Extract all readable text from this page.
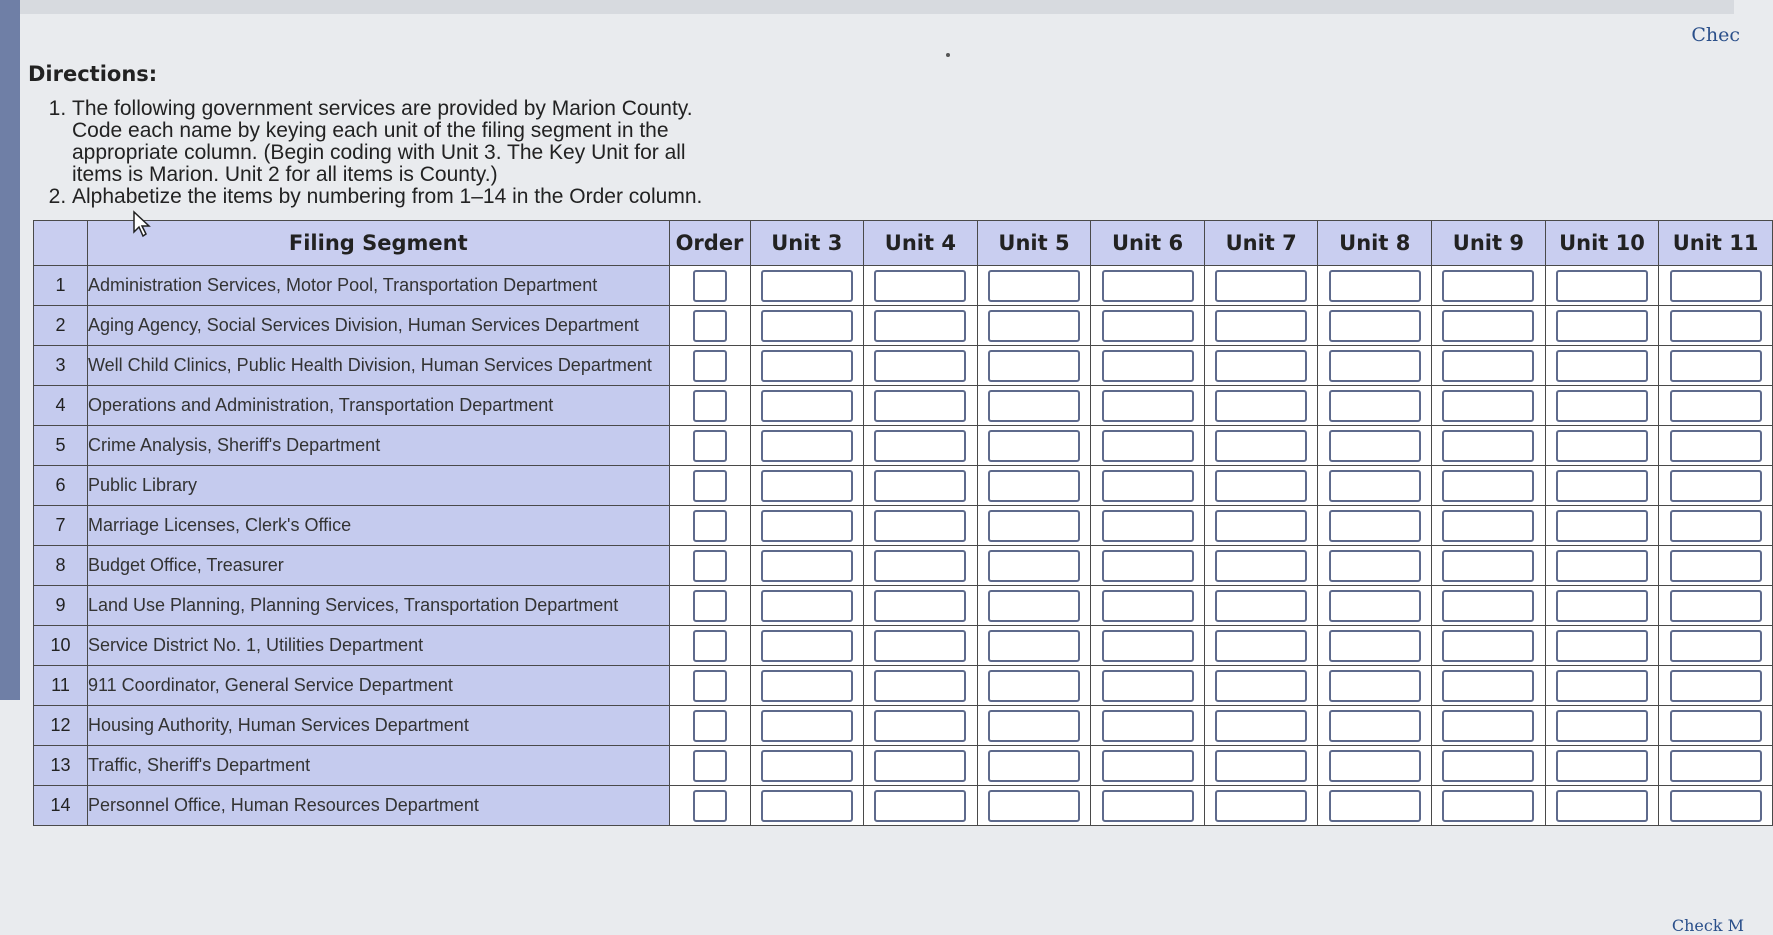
Chec
Check M
Directions:
1. The following government services are provided by Marion County. Code each name by keying each unit of the filing segment in the appropriate column. (Begin coding with Unit 3. The Key Unit for all items is Marion. Unit 2 for all items is County.)
2. Alphabetize the items by numbering from 1–14 in the Order column.
	Filing Segment	Order	Unit 3	Unit 4	Unit 5	Unit 6	Unit 7	Unit 8	Unit 9	Unit 10	Unit 11
1	Administration Services, Motor Pool, Transportation Department										
2	Aging Agency, Social Services Division, Human Services Department										
3	Well Child Clinics, Public Health Division, Human Services Department										
4	Operations and Administration, Transportation Department										
5	Crime Analysis, Sheriff's Department										
6	Public Library										
7	Marriage Licenses, Clerk's Office										
8	Budget Office, Treasurer										
9	Land Use Planning, Planning Services, Transportation Department										
10	Service District No. 1, Utilities Department										
11	911 Coordinator, General Service Department										
12	Housing Authority, Human Services Department										
13	Traffic, Sheriff's Department										
14	Personnel Office, Human Resources Department										
